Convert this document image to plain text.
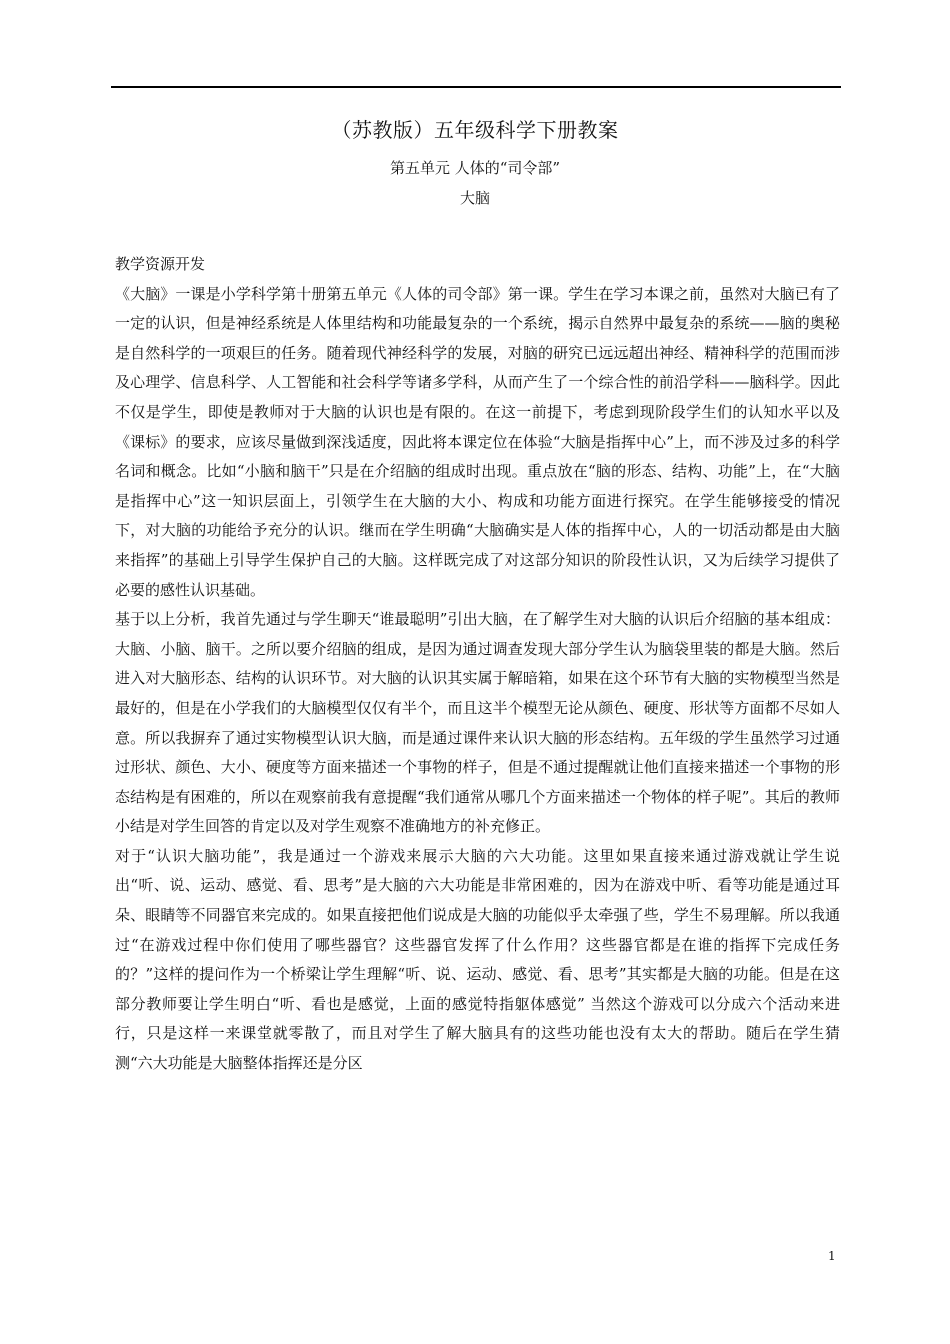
（苏教版）五年级科学下册教案
第五单元 人体的“司令部”
大脑

教学资源开发

《大脑》一课是小学科学第十册第五单元《人体的司令部》第一课。学生在学习本课之前，虽然对大脑已有了一定的认识，但是神经系统是人体里结构和功能最复杂的一个系统，揭示自然界中最复杂的系统——脑的奥秘是自然科学的一项艰巨的任务。随着现代神经科学的发展，对脑的研究已远远超出神经、精神科学的范围而涉及心理学、信息科学、人工智能和社会科学等诸多学科，从而产生了一个综合性的前沿学科——脑科学。因此不仅是学生，即使是教师对于大脑的认识也是有限的。在这一前提下，考虑到现阶段学生们的认知水平以及《课标》的要求，应该尽量做到深浅适度，因此将本课定位在体验“大脑是指挥中心”上，而不涉及过多的科学名词和概念。比如“小脑和脑干”只是在介绍脑的组成时出现。重点放在“脑的形态、结构、功能”上，在“大脑是指挥中心”这一知识层面上，引领学生在大脑的大小、构成和功能方面进行探究。在学生能够接受的情况下，对大脑的功能给予充分的认识。继而在学生明确“大脑确实是人体的指挥中心，人的一切活动都是由大脑来指挥”的基础上引导学生保护自己的大脑。这样既完成了对这部分知识的阶段性认识，又为后续学习提供了必要的感性认识基础。

基于以上分析，我首先通过与学生聊天“谁最聪明”引出大脑，在了解学生对大脑的认识后介绍脑的基本组成：大脑、小脑、脑干。之所以要介绍脑的组成，是因为通过调查发现大部分学生认为脑袋里装的都是大脑。然后进入对大脑形态、结构的认识环节。对大脑的认识其实属于解暗箱，如果在这个环节有大脑的实物模型当然是最好的，但是在小学我们的大脑模型仅仅有半个，而且这半个模型无论从颜色、硬度、形状等方面都不尽如人意。所以我摒弃了通过实物模型认识大脑，而是通过课件来认识大脑的形态结构。五年级的学生虽然学习过通过形状、颜色、大小、硬度等方面来描述一个事物的样子，但是不通过提醒就让他们直接来描述一个事物的形态结构是有困难的，所以在观察前我有意提醒“我们通常从哪几个方面来描述一个物体的样子呢”。其后的教师小结是对学生回答的肯定以及对学生观察不准确地方的补充修正。

对于“认识大脑功能”，我是通过一个游戏来展示大脑的六大功能。这里如果直接来通过游戏就让学生说出“听、说、运动、感觉、看、思考”是大脑的六大功能是非常困难的，因为在游戏中听、看等功能是通过耳朵、眼睛等不同器官来完成的。如果直接把他们说成是大脑的功能似乎太牵强了些，学生不易理解。所以我通过“在游戏过程中你们使用了哪些器官？这些器官发挥了什么作用？这些器官都是在谁的指挥下完成任务的？”这样的提问作为一个桥梁让学生理解“听、说、运动、感觉、看、思考”其实都是大脑的功能。但是在这部分教师要让学生明白“听、看也是感觉，上面的感觉特指躯体感觉” 当然这个游戏可以分成六个活动来进行，只是这样一来课堂就零散了，而且对学生了解大脑具有的这些功能也没有太大的帮助。随后在学生猜测“六大功能是大脑整体指挥还是分区

1
